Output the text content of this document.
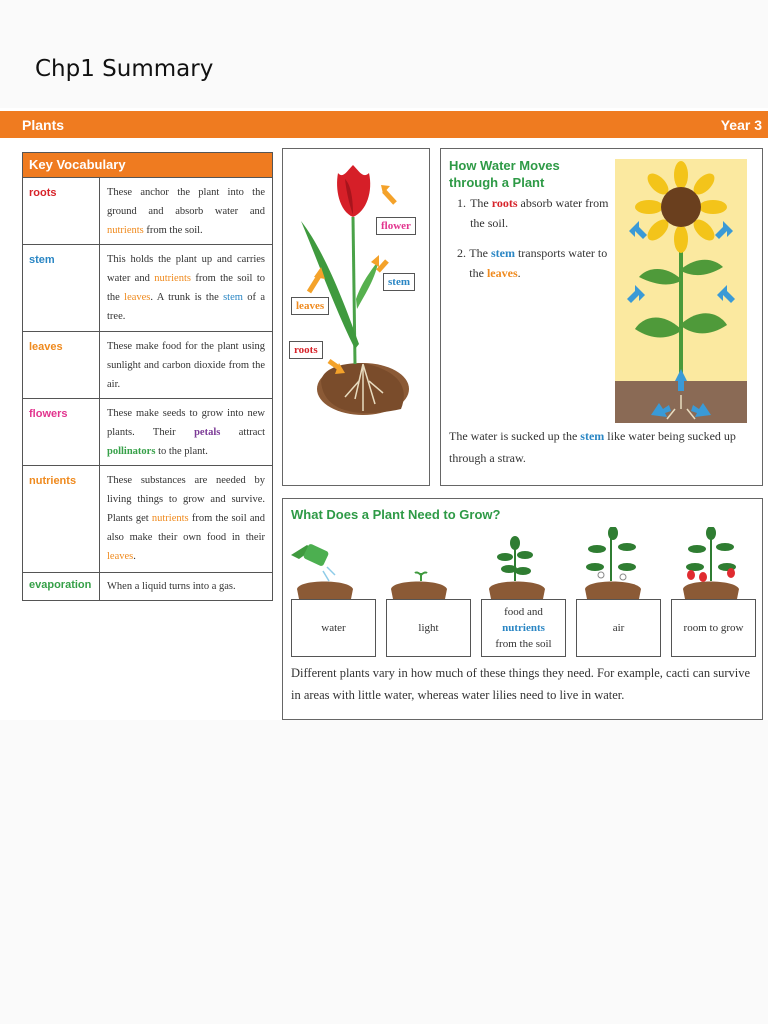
Chp1 Summary
Plants	Year 3
Key Vocabulary
roots	These anchor the plant into the ground and absorb water and nutrients from the soil.
stem	This holds the plant up and carries water and nutrients from the soil to the leaves. A trunk is the stem of a tree.
leaves	These make food for the plant using sunlight and carbon dioxide from the air.
flowers	These make seeds to grow into new plants. Their petals attract pollinators to the plant.
nutrients	These substances are needed by living things to grow and survive. Plants get nutrients from the soil and also make their own food in their leaves.
evaporation	When a liquid turns into a gas.
flower
stem
leaves
roots
How Water Moves
through a Plant
1. The roots absorb water from the soil.
2. The stem transports water to the leaves.
The water is sucked up the stem like water being sucked up through a straw.
What Does a Plant Need to Grow?
water	light
food and
nutrients
from the soil
air	room to grow
Different plants vary in how much of these things they need. For example, cacti can survive in areas with little water, whereas water lilies need to live in water.
